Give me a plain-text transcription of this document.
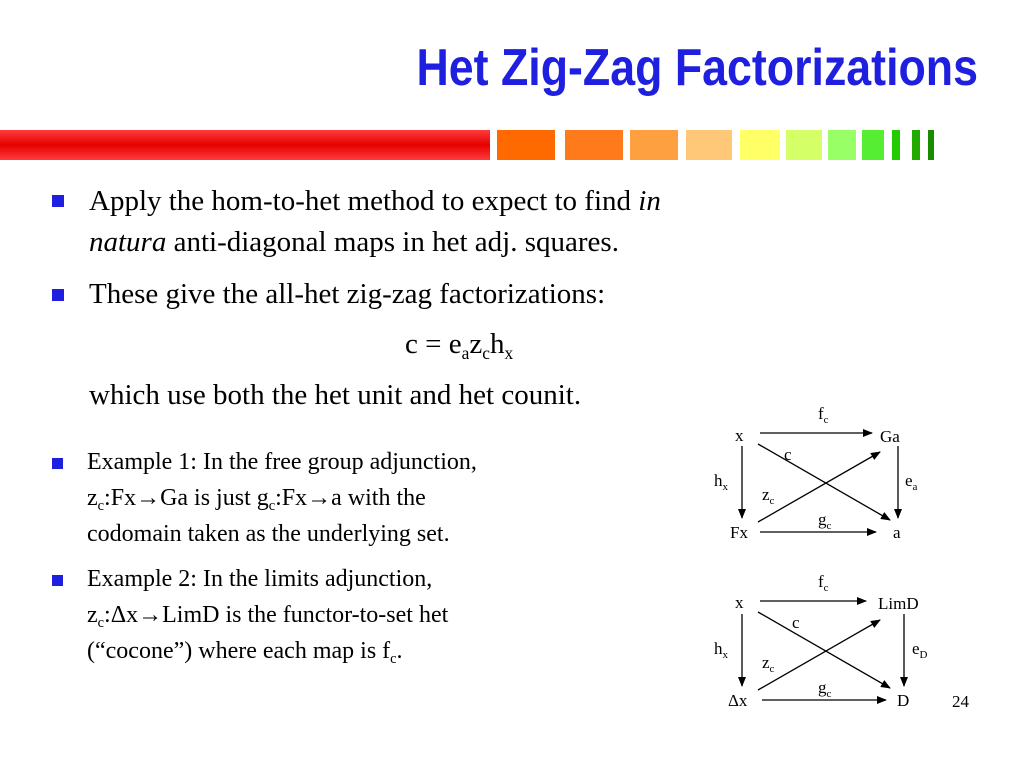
Het Zig-Zag Factorizations
Apply the hom-to-het method to expect to find in
natura anti-diagonal maps in het adj. squares.
These give the all-het zig-zag factorizations:
$c = e_az_ch_x$
which use both the het unit and het counit.
Example 1: In the free group adjunction,
$z_c:Fx\to Ga$ is just $g_c:Fx\to a$ with the
codomain taken as the underlying set.
Example 2: In the limits adjunction,
$z_c:\Delta x\to LimD$ is the functor-to-set het
(“cocone”) where each map is $f_c$.
x	Ga
Fx	a
$f_c$
$g_c$
$h_x$	$e_a$
c
$z_c$
x	LimD
Δx	D
$f_c$
$g_c$
$h_x$	$e_D$
c
$z_c$
24
